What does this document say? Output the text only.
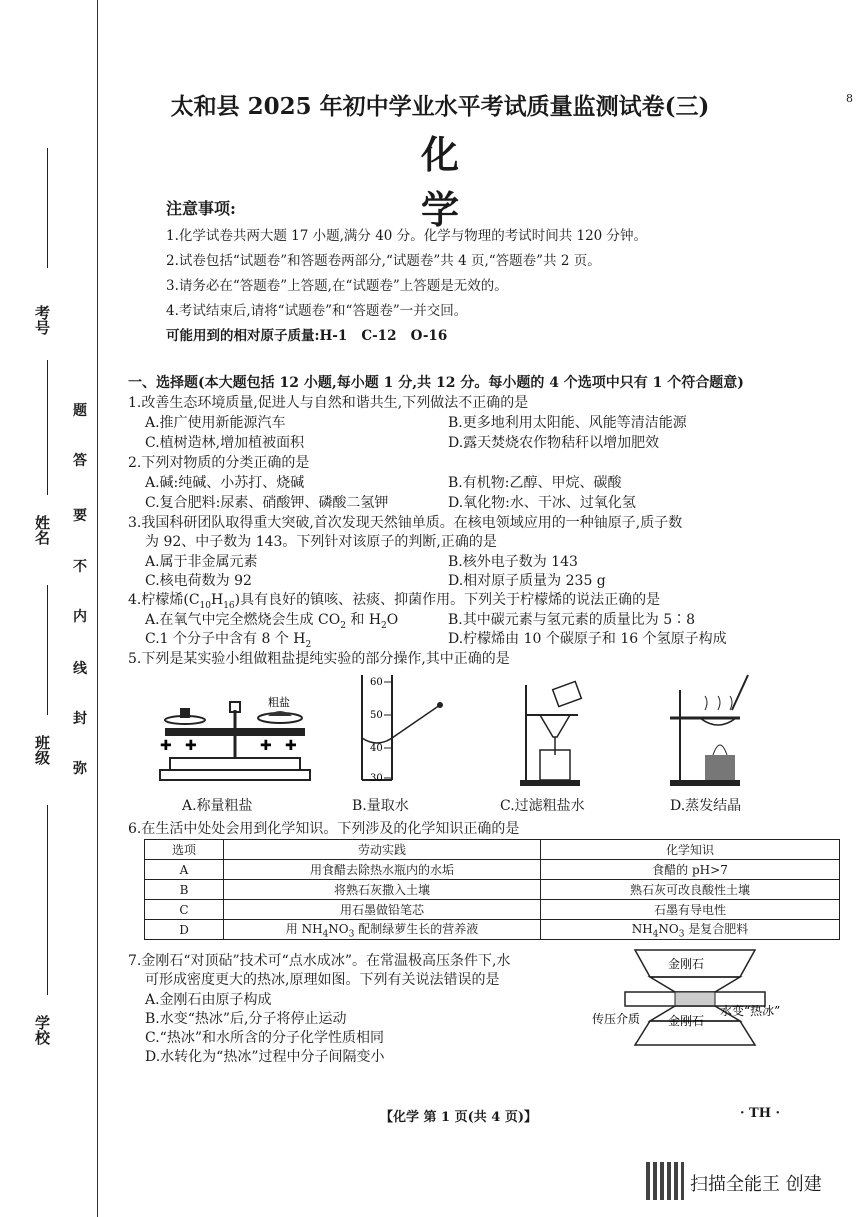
考号
姓名
班级
学校
题
答
要
不
内
线
封
弥
太和县 2025 年初中学业水平考试质量监测试卷(三)
化学
8
注意事项:
1.化学试卷共两大题 17 小题,满分 40 分。化学与物理的考试时间共 120 分钟。
2.试卷包括“试题卷”和答题卷两部分,“试题卷”共 4 页,“答题卷”共 2 页。
3.请务必在“答题卷”上答题,在“试题卷”上答题是无效的。
4.考试结束后,请将“试题卷”和“答题卷”一并交回。
可能用到的相对原子质量:H-1   C-12   O-16
一、选择题(本大题包括 12 小题,每小题 1 分,共 12 分。每小题的 4 个选项中只有 1 个符合题意)
1.改善生态环境质量,促进人与自然和谐共生,下列做法不正确的是
A.推广使用新能源汽车	B.更多地利用太阳能、风能等清洁能源
C.植树造林,增加植被面积	D.露天焚烧农作物秸秆以增加肥效
2.下列对物质的分类正确的是
A.碱:纯碱、小苏打、烧碱	B.有机物:乙醇、甲烷、碳酸
C.复合肥料:尿素、硝酸钾、磷酸二氢钾	D.氧化物:水、干冰、过氧化氢
3.我国科研团队取得重大突破,首次发现天然铀单质。在核电领域应用的一种铀原子,质子数
为 92、中子数为 143。下列针对该原子的判断,正确的是
A.属于非金属元素	B.核外电子数为 143
C.核电荷数为 92	D.相对原子质量为 235 g
4.柠檬烯$(C_{10}H_{16})$具有良好的镇咳、祛痰、抑菌作用。下列关于柠檬烯的说法正确的是
A.在氧气中完全燃烧会生成 $CO_2$ 和 $H_2O$	B.其中碳元素与氢元素的质量比为 5∶8
C.1 个分子中含有 8 个 $H_2$	D.柠檬烯由 10 个碳原子和 16 个氢原子构成
5.下列是某实验小组做粗盐提纯实验的部分操作,其中正确的是
✚ ✚	✚ ✚
粗盐
60
50
40
30
A.称量粗盐	B.量取水	C.过滤粗盐水	D.蒸发结晶
6.在生活中处处会用到化学知识。下列涉及的化学知识正确的是
选项	劳动实践	化学知识
A	用食醋去除热水瓶内的水垢	食醋的 pH>7
B	将熟石灰撒入土壤	熟石灰可改良酸性土壤
C	用石墨做铅笔芯	石墨有导电性
D	用 $NH_4NO_3$ 配制绿萝生长的营养液	$NH_4NO_3$ 是复合肥料
7.金刚石“对顶砧”技术可“点水成冰”。在常温极高压条件下,水
可形成密度更大的热冰,原理如图。下列有关说法错误的是
A.金刚石由原子构成
B.水变“热冰”后,分子将停止运动
C.“热冰”和水所含的分子化学性质相同
D.水转化为“热冰”过程中分子间隔变小
金刚石
金刚石
传压介质
水变“热冰”
【化学 第 1 页(共 4 页)】	· TH ·
扫描全能王 创建
